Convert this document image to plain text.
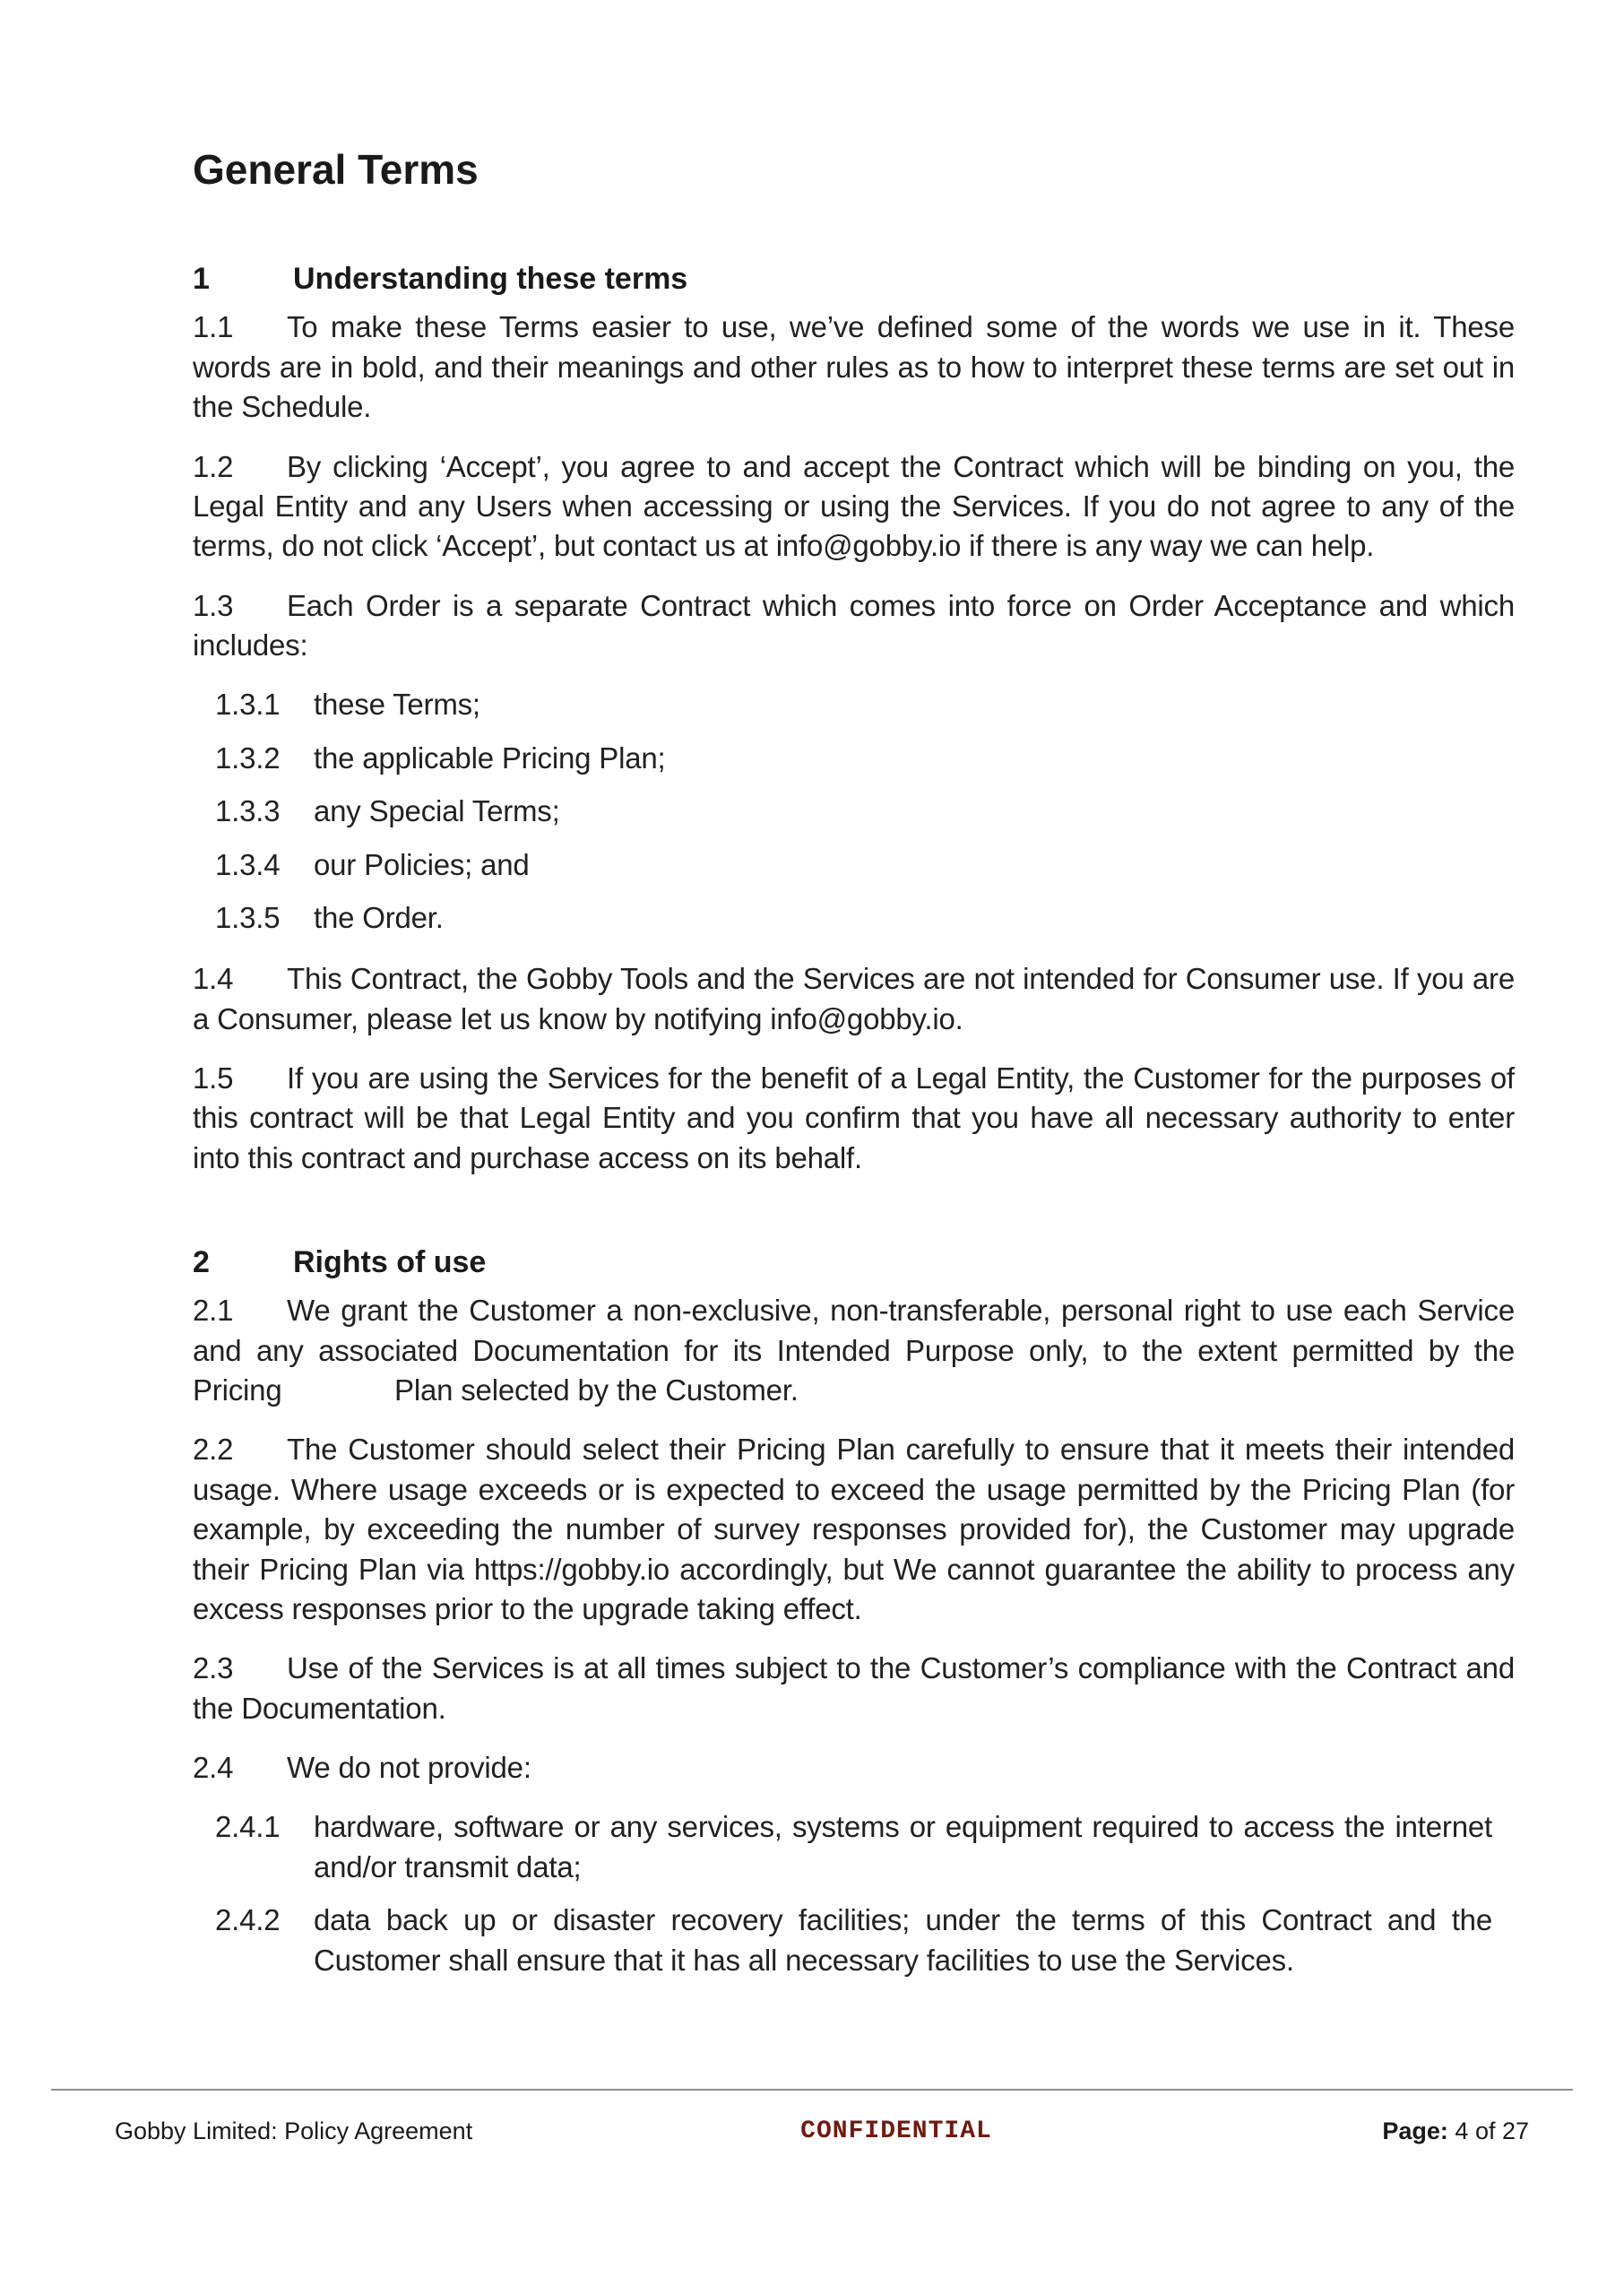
General Terms
1	Understanding these terms

1.1 To make these Terms easier to use, we’ve defined some of the words we use in it. These words are in bold, and their meanings and other rules as to how to interpret these terms are set out in the Schedule.

1.2 By clicking ‘Accept’, you agree to and accept the Contract which will be binding on you, the Legal Entity and any Users when accessing or using the Services. If you do not agree to any of the terms, do not click ‘Accept’, but contact us at info@gobby.io if there is any way we can help.

1.3 Each Order is a separate Contract which comes into force on Order Acceptance and which includes:

1.3.1 these Terms;
1.3.2 the applicable Pricing Plan;
1.3.3 any Special Terms;
1.3.4 our Policies; and
1.3.5 the Order.

1.4 This Contract, the Gobby Tools and the Services are not intended for Consumer use. If you are a Consumer, please let us know by notifying info@gobby.io.

1.5 If you are using the Services for the benefit of a Legal Entity, the Customer for the purposes of this contract will be that Legal Entity and you confirm that you have all necessary authority to enter into this contract and purchase access on its behalf.

2	Rights of use

2.1 We grant the Customer a non-exclusive, non-transferable, personal right to use each Service and any associated Documentation for its Intended Purpose only, to the extent permitted by the Pricing              Plan selected by the Customer.

2.2 The Customer should select their Pricing Plan carefully to ensure that it meets their intended usage. Where usage exceeds or is expected to exceed the usage permitted by the Pricing Plan (for example, by exceeding the number of survey responses provided for), the Customer may upgrade their Pricing Plan via https://gobby.io accordingly, but We cannot guarantee the ability to process any excess responses prior to the upgrade taking effect.

2.3 Use of the Services is at all times subject to the Customer’s compliance with the Contract and the Documentation.

2.4 We do not provide:

2.4.1 hardware, software or any services, systems or equipment required to access the internet and/or transmit data;
2.4.2 data back up or disaster recovery facilities; under the terms of this Contract and the Customer shall ensure that it has all necessary facilities to use the Services.
Gobby Limited: Policy Agreement	CONFIDENTIAL	Page: 4 of 27
